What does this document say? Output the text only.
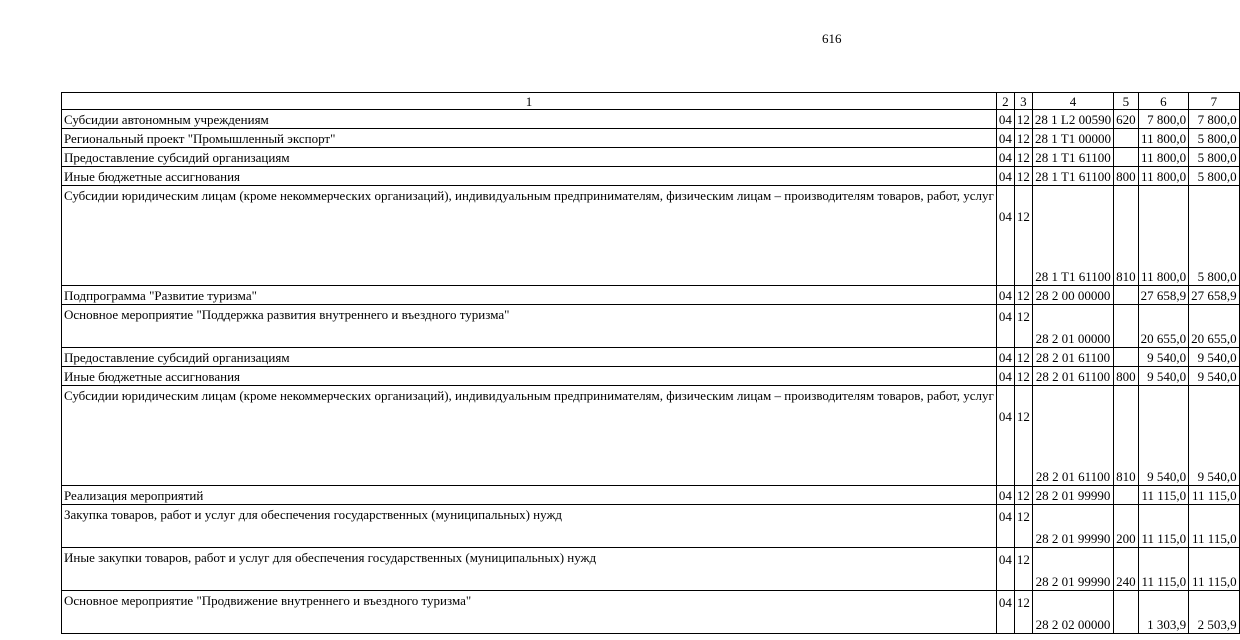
616
1	2	3	4	5	6	7
Субсидии автономным учреждениям	04	12	28 1 L2 00590	620	7 800,0	7 800,0
Региональный проект "Промышленный экспорт"	04	12	28 1 T1 00000		11 800,0	5 800,0
Предоставление субсидий организациям	04	12	28 1 T1 61100		11 800,0	5 800,0
Иные бюджетные ассигнования	04	12	28 1 T1 61100	800	11 800,0	5 800,0
Субсидии юридическим лицам (кроме некоммерческих организаций), индивидуальным предпринимателям, физическим лицам – производителям товаров, работ, услуг	04	12	28 1 T1 61100	810	11 800,0	5 800,0
Подпрограмма "Развитие туризма"	04	12	28 2 00 00000		27 658,9	27 658,9
Основное мероприятие "Поддержка развития внутреннего и въездного туризма"	04	12	28 2 01 00000		20 655,0	20 655,0
Предоставление субсидий организациям	04	12	28 2 01 61100		9 540,0	9 540,0
Иные бюджетные ассигнования	04	12	28 2 01 61100	800	9 540,0	9 540,0
Субсидии юридическим лицам (кроме некоммерческих организаций), индивидуальным предпринимателям, физическим лицам – производителям товаров, работ, услуг	04	12	28 2 01 61100	810	9 540,0	9 540,0
Реализация мероприятий	04	12	28 2 01 99990		11 115,0	11 115,0
Закупка товаров, работ и услуг для обеспечения государственных (муниципальных) нужд	04	12	28 2 01 99990	200	11 115,0	11 115,0
Иные закупки товаров, работ и услуг для обеспечения государственных (муниципальных) нужд	04	12	28 2 01 99990	240	11 115,0	11 115,0
Основное мероприятие "Продвижение внутреннего и въездного туризма"	04	12	28 2 02 00000		1 303,9	2 503,9
